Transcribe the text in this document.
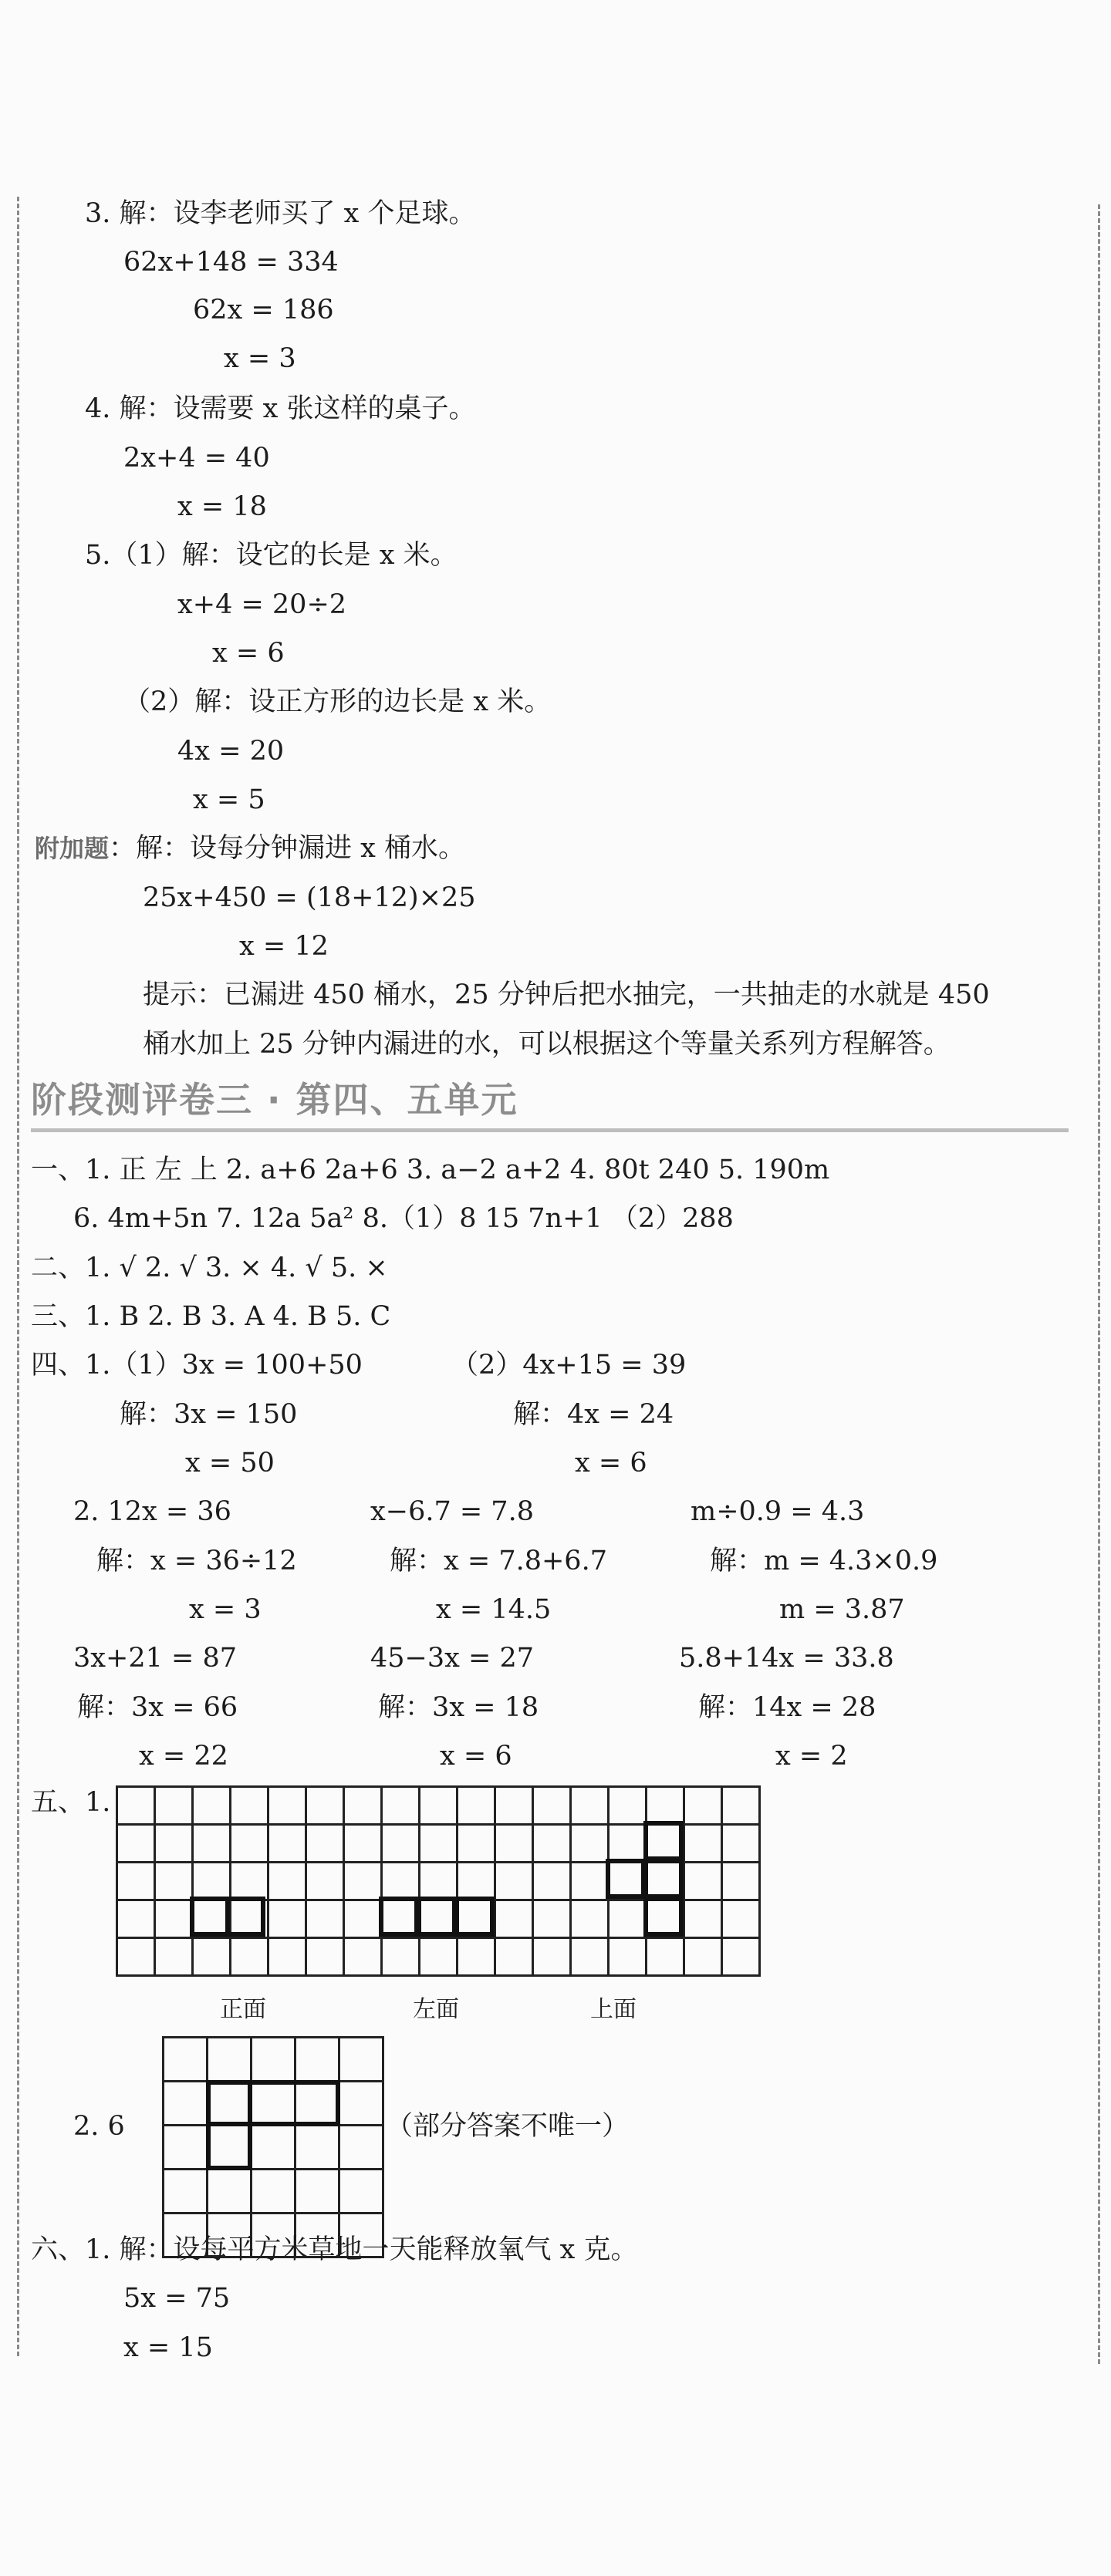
3. 解：设李老师买了 x 个足球。
62x+148 = 334
62x = 186
x = 3
4. 解：设需要 x 张这样的桌子。
2x+4 = 40
x = 18
5.（1）解：设它的长是 x 米。
x+4 = 20÷2
x = 6
（2）解：设正方形的边长是 x 米。
4x = 20
x = 5
附加题：解：设每分钟漏进 x 桶水。
25x+450 = (18+12)×25
x = 12
提示：已漏进 450 桶水，25 分钟后把水抽完，一共抽走的水就是 450
桶水加上 25 分钟内漏进的水，可以根据这个等量关系列方程解答。
阶段测评卷三 · 第四、五单元
一、1. 正 左 上 2. a+6 2a+6 3. a−2 a+2 4. 80t 240 5. 190m
6. 4m+5n 7. 12a 5a² 8.（1）8 15 7n+1 （2）288
二、1. √ 2. √ 3. × 4. √ 5. ×
三、1. B 2. B 3. A 4. B 5. C
四、1.（1）3x = 100+50	（2）4x+15 = 39
解：3x = 150	解：4x = 24
x = 50	x = 6
2. 12x = 36	x−6.7 = 7.8	m÷0.9 = 4.3
解：x = 36÷12	解：x = 7.8+6.7	解：m = 4.3×0.9
x = 3	x = 14.5	m = 3.87
3x+21 = 87	45−3x = 27	5.8+14x = 33.8
解：3x = 66	解：3x = 18	解：14x = 28
x = 22	x = 6	x = 2
五、1.
正面	左面	上面
2. 6	（部分答案不唯一）
六、1. 解：设每平方米草地一天能释放氧气 x 克。
5x = 75
x = 15
